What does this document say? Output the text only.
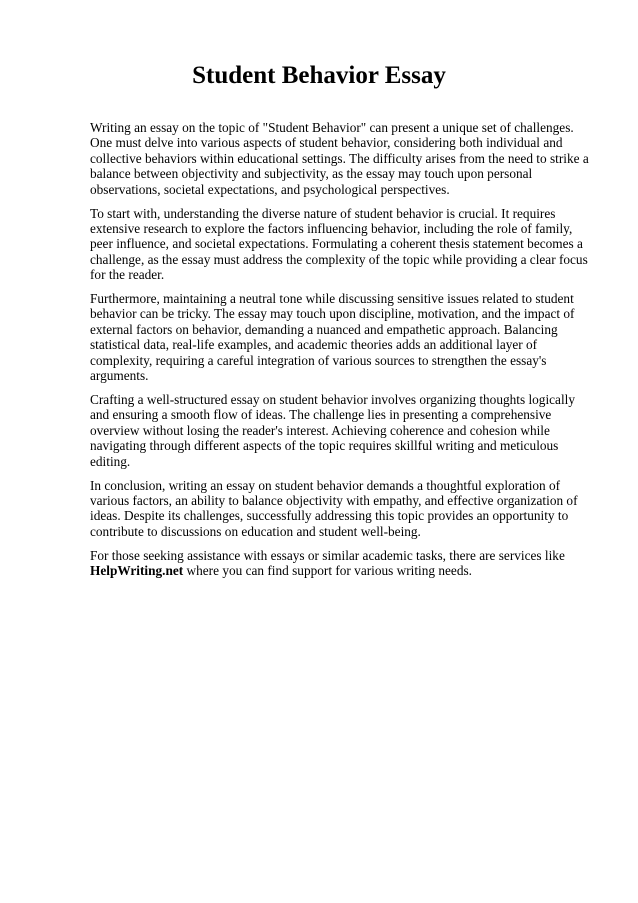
Student Behavior Essay

Writing an essay on the topic of "Student Behavior" can present a unique set of challenges. One must delve into various aspects of student behavior, considering both individual and collective behaviors within educational settings. The difficulty arises from the need to strike a balance between objectivity and subjectivity, as the essay may touch upon personal observations, societal expectations, and psychological perspectives.

To start with, understanding the diverse nature of student behavior is crucial. It requires extensive research to explore the factors influencing behavior, including the role of family, peer influence, and societal expectations. Formulating a coherent thesis statement becomes a challenge, as the essay must address the complexity of the topic while providing a clear focus for the reader.

Furthermore, maintaining a neutral tone while discussing sensitive issues related to student behavior can be tricky. The essay may touch upon discipline, motivation, and the impact of external factors on behavior, demanding a nuanced and empathetic approach. Balancing statistical data, real-life examples, and academic theories adds an additional layer of complexity, requiring a careful integration of various sources to strengthen the essay's arguments.

Crafting a well-structured essay on student behavior involves organizing thoughts logically and ensuring a smooth flow of ideas. The challenge lies in presenting a comprehensive overview without losing the reader's interest. Achieving coherence and cohesion while navigating through different aspects of the topic requires skillful writing and meticulous editing.

In conclusion, writing an essay on student behavior demands a thoughtful exploration of various factors, an ability to balance objectivity with empathy, and effective organization of ideas. Despite its challenges, successfully addressing this topic provides an opportunity to contribute to discussions on education and student well-being.

For those seeking assistance with essays or similar academic tasks, there are services like HelpWriting.net where you can find support for various writing needs.
